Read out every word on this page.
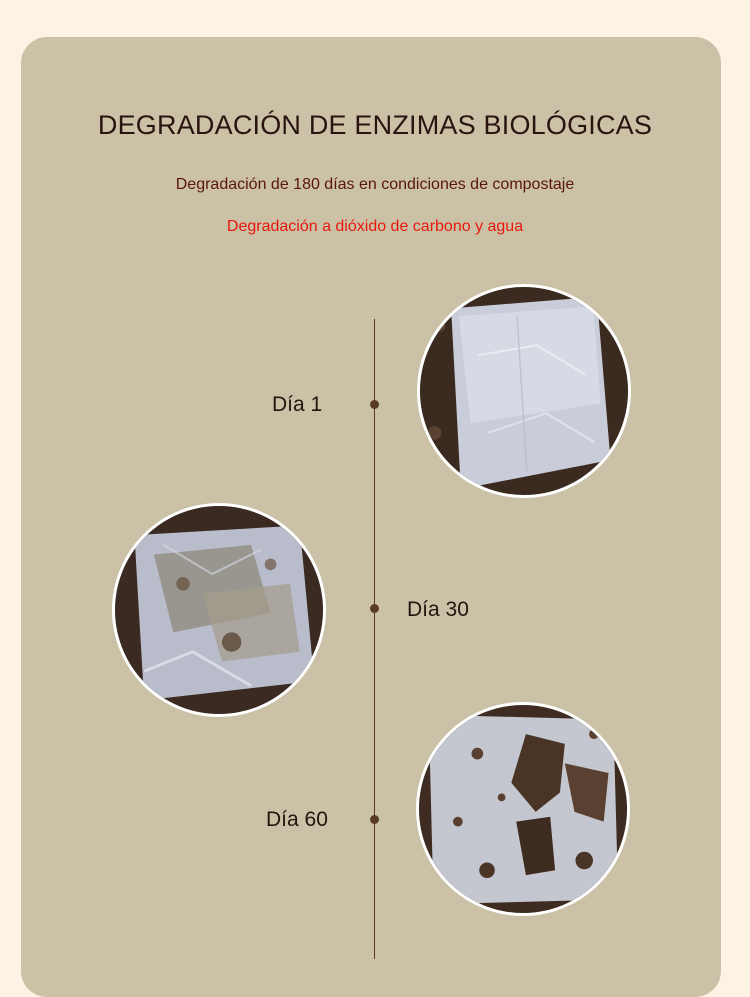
DEGRADACIÓN DE ENZIMAS BIOLÓGICAS
Degradación de 180 días en condiciones de compostaje
Degradación a dióxido de carbono y agua
Día 1
Día 30
Día 60
